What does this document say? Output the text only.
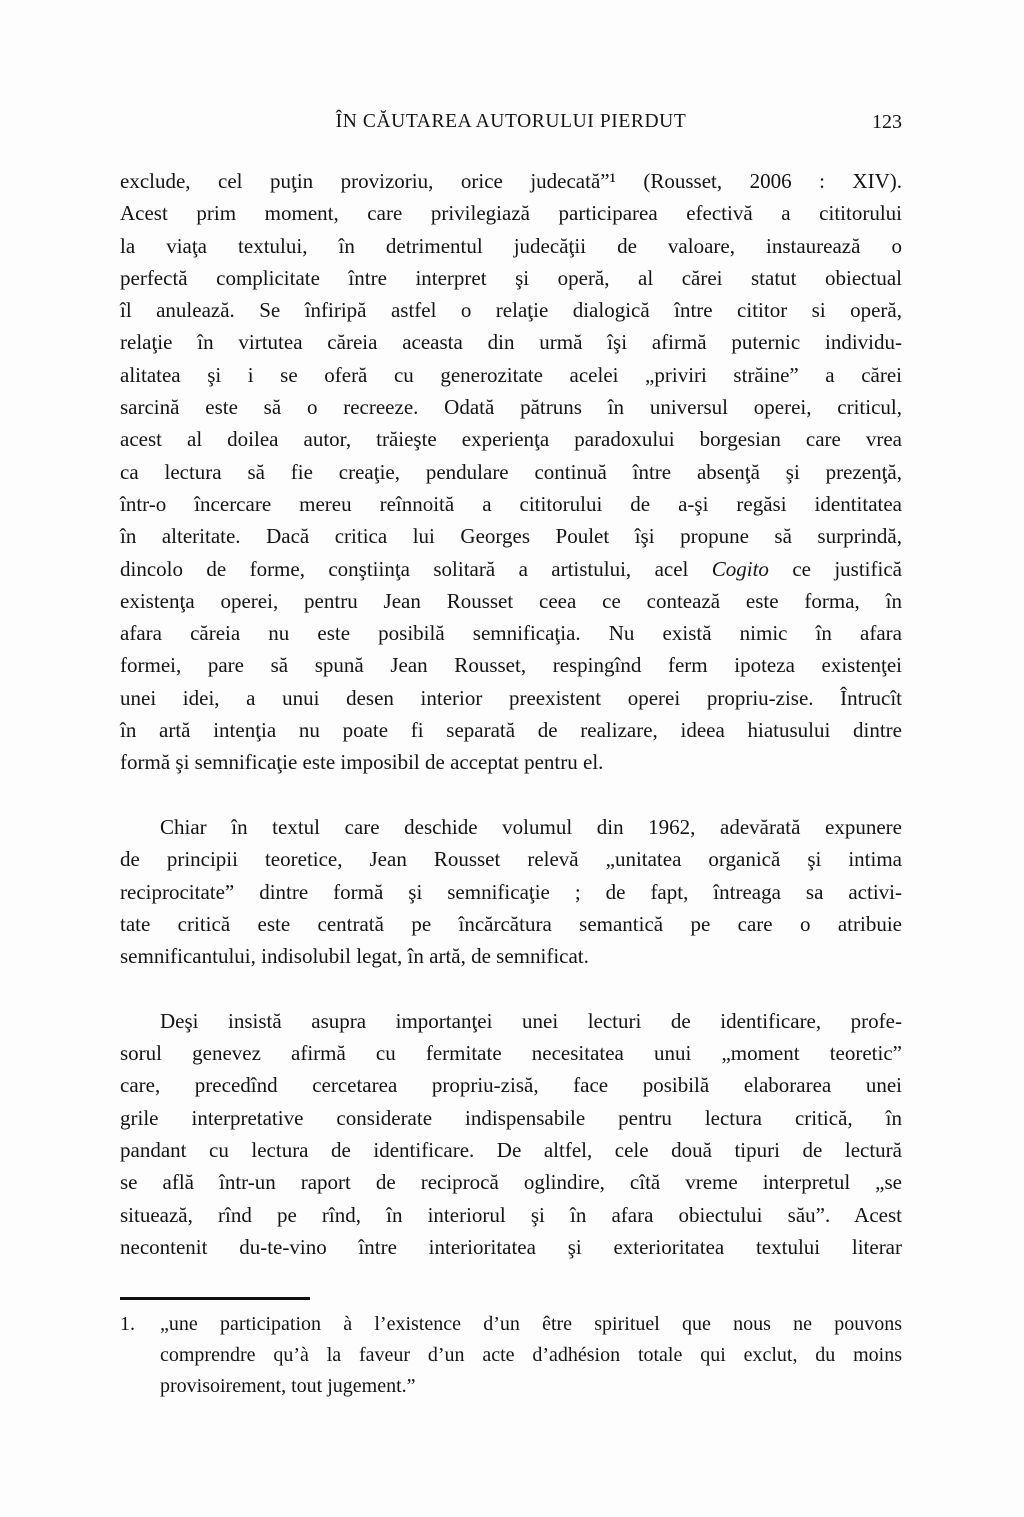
ÎN CĂUTAREA AUTORULUI PIERDUT	123
exclude, cel puţin provizoriu, orice judecată”¹ (Rousset, 2006 : XIV).
Acest prim moment, care privilegiază participarea efectivă a cititorului
la viaţa textului, în detrimentul judecăţii de valoare, instaurează o
perfectă complicitate între interpret şi operă, al cărei statut obiectual
îl anulează. Se înfiripă astfel o relaţie dialogică între cititor si operă,
relaţie în virtutea căreia aceasta din urmă îşi afirmă puternic individu-
alitatea şi i se oferă cu generozitate acelei „priviri străine” a cărei
sarcină este să o recreeze. Odată pătruns în universul operei, criticul,
acest al doilea autor, trăieşte experienţa paradoxului borgesian care vrea
ca lectura să fie creaţie, pendulare continuă între absenţă şi prezenţă,
într-o încercare mereu reînnoită a cititorului de a-şi regăsi identitatea
în alteritate. Dacă critica lui Georges Poulet îşi propune să surprindă,
dincolo de forme, conştiinţa solitară a artistului, acel Cogito ce justifică
existenţa operei, pentru Jean Rousset ceea ce contează este forma, în
afara căreia nu este posibilă semnificaţia. Nu există nimic în afara
formei, pare să spună Jean Rousset, respingînd ferm ipoteza existenţei
unei idei, a unui desen interior preexistent operei propriu-zise. Întrucît
în artă intenţia nu poate fi separată de realizare, ideea hiatusului dintre
formă şi semnificaţie este imposibil de acceptat pentru el.
Chiar în textul care deschide volumul din 1962, adevărată expunere
de principii teoretice, Jean Rousset relevă „unitatea organică şi intima
reciprocitate” dintre formă şi semnificaţie ; de fapt, întreaga sa activi-
tate critică este centrată pe încărcătura semantică pe care o atribuie
semnificantului, indisolubil legat, în artă, de semnificat.
Deşi insistă asupra importanţei unei lecturi de identificare, profe-
sorul genevez afirmă cu fermitate necesitatea unui „moment teoretic”
care, precedînd cercetarea propriu-zisă, face posibilă elaborarea unei
grile interpretative considerate indispensabile pentru lectura critică, în
pandant cu lectura de identificare. De altfel, cele două tipuri de lectură
se află într-un raport de reciprocă oglindire, cîtă vreme interpretul „se
situează, rînd pe rînd, în interiorul şi în afara obiectului său”. Acest
necontenit du-te-vino între interioritatea şi exterioritatea textului literar
1. „une participation à l’existence d’un être spirituel que nous ne pouvons
comprendre qu’à la faveur d’un acte d’adhésion totale qui exclut, du moins
provisoirement, tout jugement.”
